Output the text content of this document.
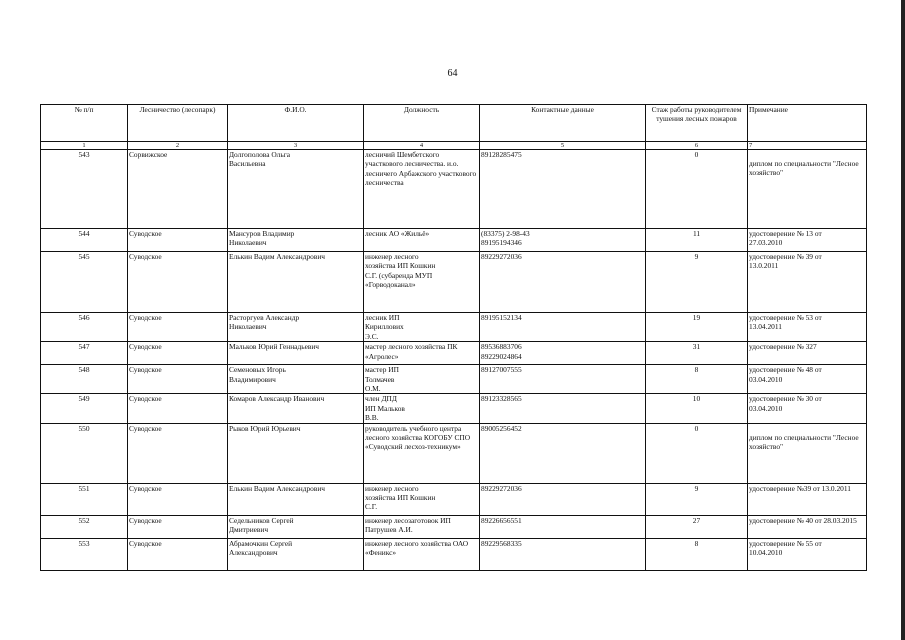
64
№ п/п	Лесничество (лесопарк)	Ф.И.О.	Должность	Контактные данные	Стаж работы руководителем тушения лесных пожаров	Примечание
1	2	3	4	5	6	7
543	Сорвижское	Долгополова Ольга Васильевна	лесничий Шембетского участкового лесничества. и.о. лесничего Арбажского участкового лесничества	89128285475	0	диплом по специальности "Лесное хозяйство"
544	Суводское	Мансуров Владимир Николаевич	лесник АО «Жильё»	(83375) 2-98-43 89195194346	11	удостоверение № 13 от 27.03.2010
545	Суводское	Елькин Вадим Александрович	инженер лесного хозяйства ИП Кошкин С.Г. (субаренда МУП «Горводоканал»	89229272036	9	удостоверение № 39 от 13.0.2011
546	Суводское	Расторгуев Александр Николаевич	лесник ИП Кириллових Э.С.	89195152134	19	удостоверение № 53 от 13.04.2011
547	Суводское	Мальков Юрий Геннадьевич	мастер лесного хозяйства ПК «Агролес»	89536883706 89229024864	31	удостоверение № 327
548	Суводское	Семеновых Игорь Владимирович	мастер ИП Толмачев О.М.	89127007555	8	удостоверение № 48 от 03.04.2010
549	Суводское	Комаров Александр Иванович	член ДПД ИП Мальков В.В.	89123328565	10	удостоверение № 30 от 03.04.2010
550	Суводское	Рыков Юрий Юрьевич	руководитель учебного центра лесного хозяйства КОГОБУ СПО «Суводский лесхоз-техникум»	89005256452	0	диплом по специальности "Лесное хозяйство"
551	Суводское	Елькин Вадим Александрович	инженер лесного хозяйства ИП Кошкин С.Г.	89229272036	9	удостоверение №39 от 13.0.2011
552	Суводское	Седельников Сергей Дмитриевич	инженер лесозаготовок ИП Патрушев А.И.	89226656551	27	удостоверение № 40 от 28.03.2015
553	Суводское	Абрамочкин Сергей Александрович	инженер лесного хозяйства ОАО «Феникс»	89229568335	8	удостоверение № 55 от 10.04.2010
